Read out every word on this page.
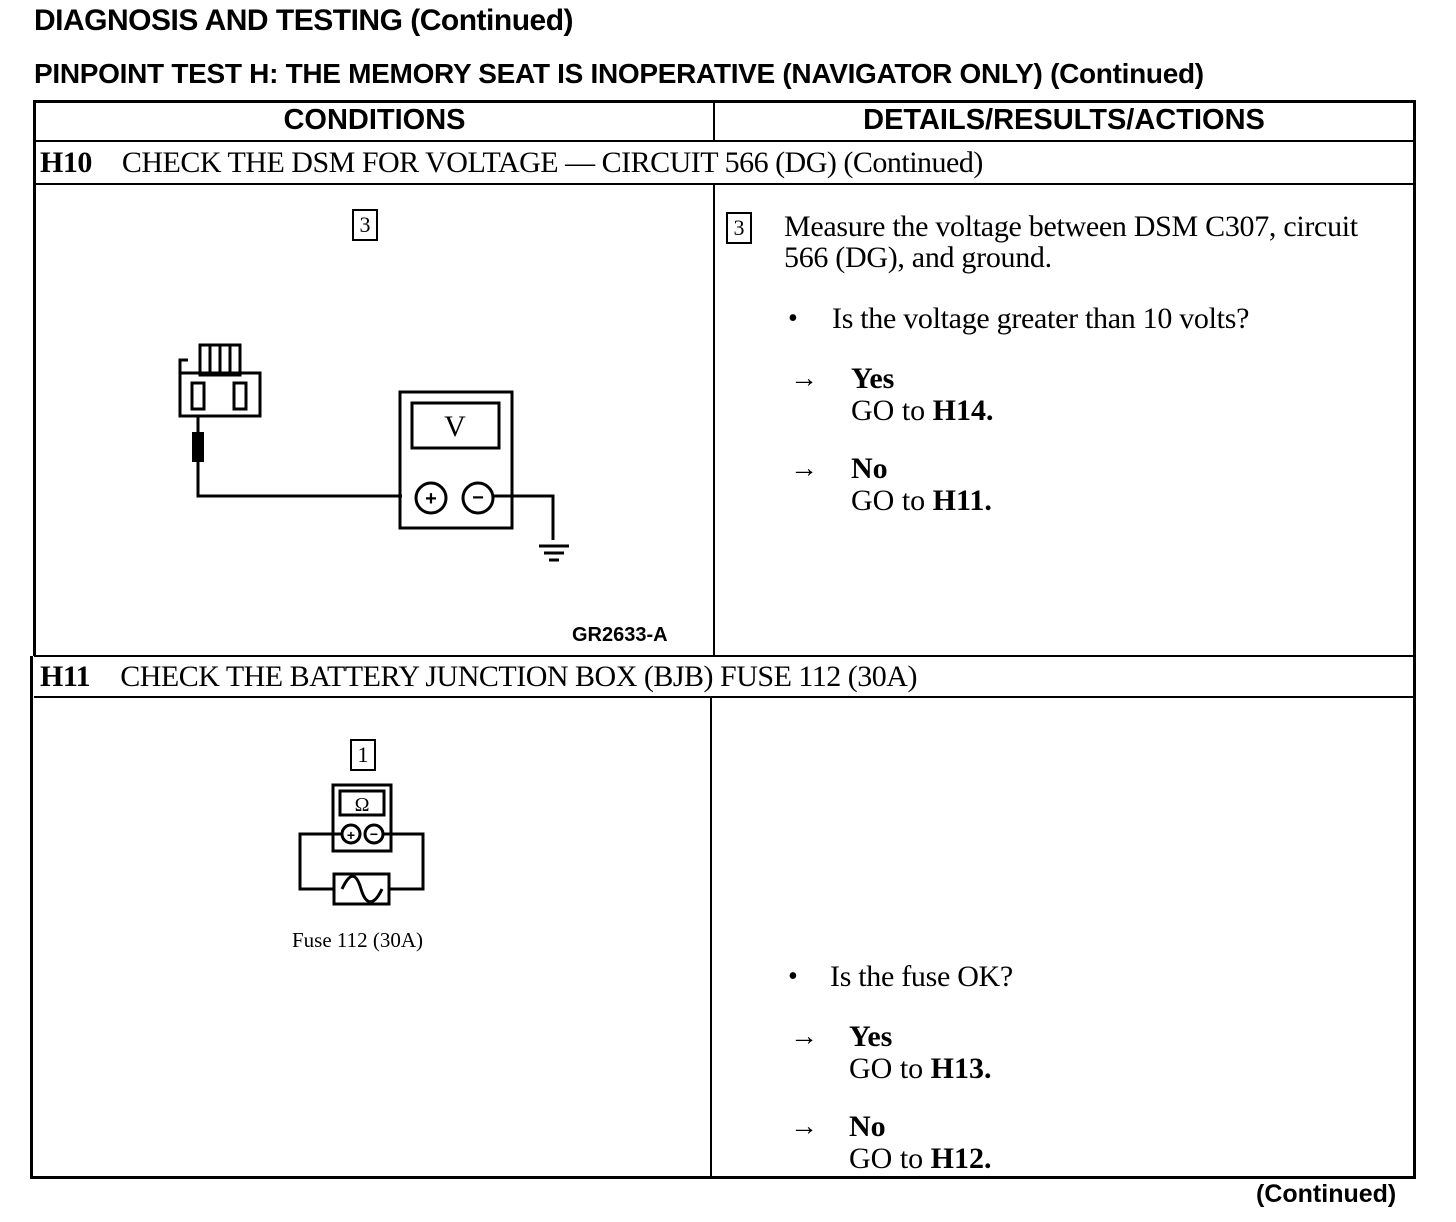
DIAGNOSIS AND TESTING (Continued)
PINPOINT TEST H: THE MEMORY SEAT IS INOPERATIVE (NAVIGATOR ONLY) (Continued)
CONDITIONS	DETAILS/RESULTS/ACTIONS
H10 CHECK THE DSM FOR VOLTAGE — CIRCUIT 566 (DG) (Continued)
3
V
+ −
GR2633-A
3 Measure the voltage between DSM C307, circuit
566 (DG), and ground.
• Is the voltage greater than 10 volts?
→ Yes
GO to H14.
→ No
GO to H11.
H11 CHECK THE BATTERY JUNCTION BOX (BJB) FUSE 112 (30A)
1
Ω
+ −
Fuse 112 (30A)
• Is the fuse OK?
→ Yes
GO to H13.
→ No
GO to H12.
(Continued)
